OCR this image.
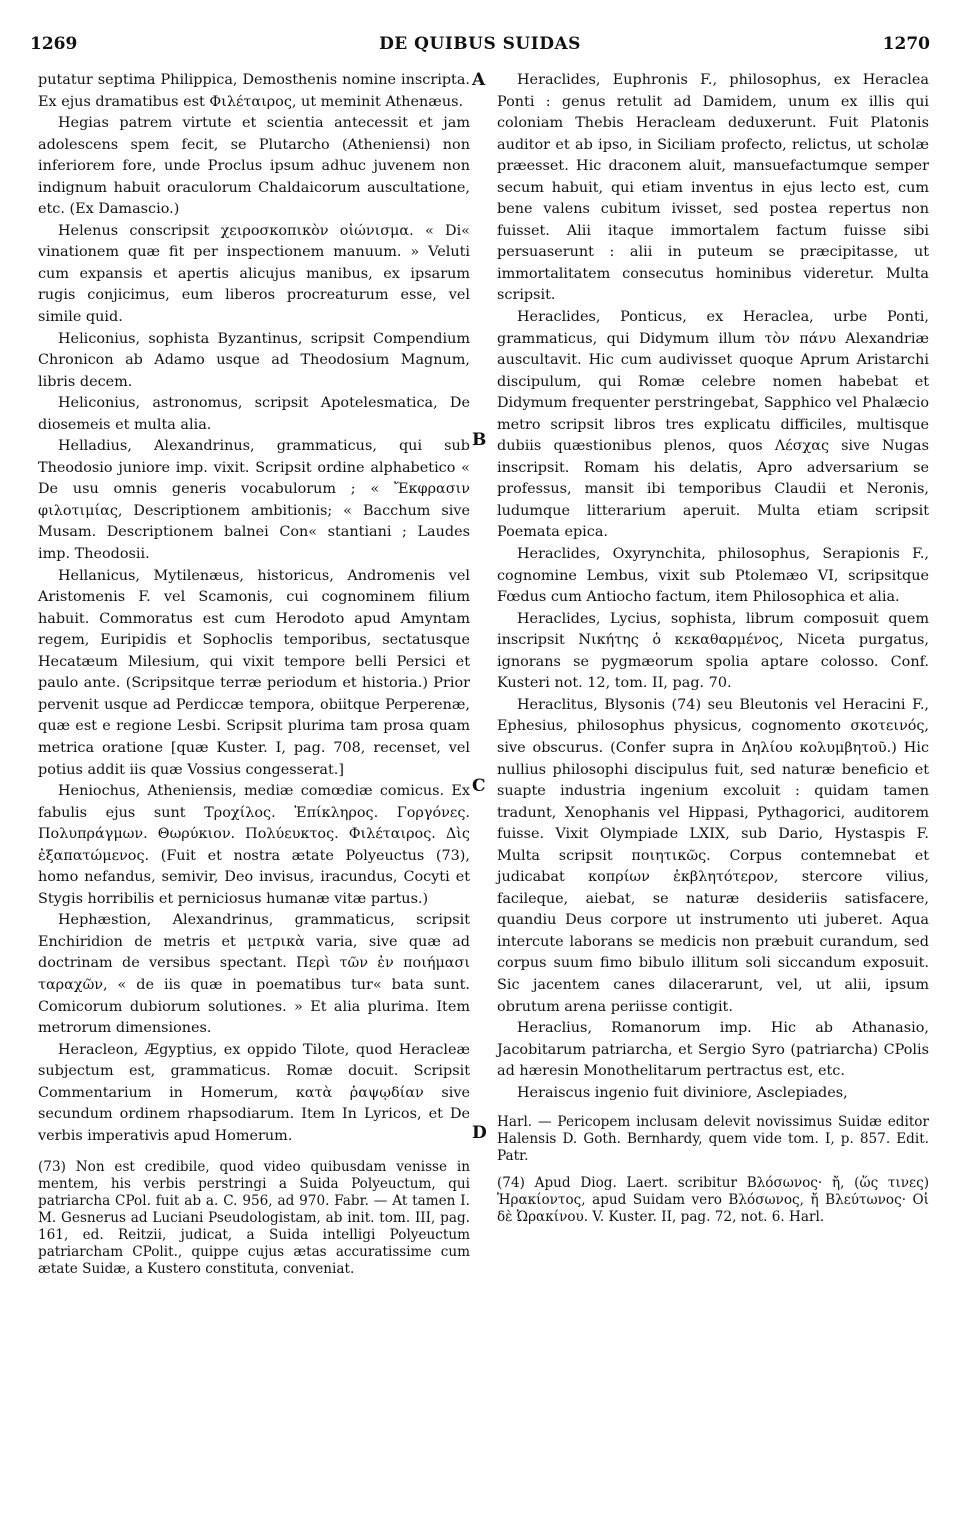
1269	DE QUIBUS SUIDAS	1270
A
B
C
D

putatur septima Philippica, Demosthenis nomine inscripta. Ex ejus dramatibus est Φιλέταιρος, ut meminit Athenæus.

Hegias patrem virtute et scientia antecessit et jam adolescens spem fecit, se Plutarcho (Atheniensi) non inferiorem fore, unde Proclus ipsum adhuc juvenem non indignum habuit oraculorum Chaldaicorum auscultatione, etc. (Ex Damascio.)

Helenus conscripsit χειροσκοπικὸν οἰώνισμα. « Di« vinationem quæ fit per inspectionem manuum. » Veluti cum expansis et apertis alicujus manibus, ex ipsarum rugis conjicimus, eum liberos procreaturum esse, vel simile quid.

Heliconius, sophista Byzantinus, scripsit Compendium Chronicon ab Adamo usque ad Theodosium Magnum, libris decem.

Heliconius, astronomus, scripsit Apotelesmatica, De diosemeis et multa alia.

Helladius, Alexandrinus, grammaticus, qui sub Theodosio juniore imp. vixit. Scripsit ordine alphabetico « De usu omnis generis vocabulorum ; « Ἔκφρασιν φιλοτιμίας, Descriptionem ambitionis; « Bacchum sive Musam. Descriptionem balnei Con« stantiani ; Laudes imp. Theodosii.

Hellanicus, Mytilenæus, historicus, Andromenis vel Aristomenis F. vel Scamonis, cui cognominem filium habuit. Commoratus est cum Herodoto apud Amyntam regem, Euripidis et Sophoclis temporibus, sectatusque Hecatæum Milesium, qui vixit tempore belli Persici et paulo ante. (Scripsitque terræ periodum et historia.) Prior pervenit usque ad Perdiccæ tempora, obiitque Perperenæ, quæ est e regione Lesbi. Scripsit plurima tam prosa quam metrica oratione [quæ Kuster. I, pag. 708, recenset, vel potius addit iis quæ Vossius congesserat.]

Heniochus, Atheniensis, mediæ comœdiæ comicus. Ex fabulis ejus sunt Τροχίλος. Ἐπίκληρος. Γοργόνες. Πολυπράγμων. Θωρύκιον. Πολύευκτος. Φιλέταιρος. Δὶς ἐξαπατώμενος. (Fuit et nostra ætate Polyeuctus (73), homo nefandus, semivir, Deo invisus, iracundus, Cocyti et Stygis horribilis et perniciosus humanæ vitæ partus.)

Hephæstion, Alexandrinus, grammaticus, scripsit Enchiridion de metris et μετρικὰ varia, sive quæ ad doctrinam de versibus spectant. Περὶ τῶν ἐν ποιήμασι ταραχῶν, « de iis quæ in poematibus tur« bata sunt. Comicorum dubiorum solutiones. » Et alia plurima. Item metrorum dimensiones.

Heracleon, Ægyptius, ex oppido Tilote, quod Heracleæ subjectum est, grammaticus. Romæ docuit. Scripsit Commentarium in Homerum, κατὰ ῥαψῳδίαν sive secundum ordinem rhapsodiarum. Item In Lyricos, et De verbis imperativis apud Homerum.

(73) Non est credibile, quod video quibusdam venisse in mentem, his verbis perstringi a Suida Polyeuctum, qui patriarcha CPol. fuit ab a. C. 956, ad 970. Fabr. — At tamen I. M. Gesnerus ad Luciani Pseudologistam, ab init. tom. III, pag. 161, ed. Reitzii, judicat, a Suida intelligi Polyeuctum patriarcham CPolit., quippe cujus ætas accuratissime cum ætate Suidæ, a Kustero constituta, conveniat.

Heraclides, Euphronis F., philosophus, ex Heraclea Ponti : genus retulit ad Damidem, unum ex illis qui coloniam Thebis Heracleam deduxerunt. Fuit Platonis auditor et ab ipso, in Siciliam profecto, relictus, ut scholæ præesset. Hic draconem aluit, mansuefactumque semper secum habuit, qui etiam inventus in ejus lecto est, cum bene valens cubitum ivisset, sed postea repertus non fuisset. Alii itaque immortalem factum fuisse sibi persuaserunt : alii in puteum se præcipitasse, ut immortalitatem consecutus hominibus videretur. Multa scripsit.

Heraclides, Ponticus, ex Heraclea, urbe Ponti, grammaticus, qui Didymum illum τὸν πάνυ Alexandriæ auscultavit. Hic cum audivisset quoque Aprum Aristarchi discipulum, qui Romæ celebre nomen habebat et Didymum frequenter perstringebat, Sapphico vel Phalæcio metro scripsit libros tres explicatu difficiles, multisque dubiis quæstionibus plenos, quos Λέσχας sive Nugas inscripsit. Romam his delatis, Apro adversarium se professus, mansit ibi temporibus Claudii et Neronis, ludumque litterarium aperuit. Multa etiam scripsit Poemata epica.

Heraclides, Oxyrynchita, philosophus, Serapionis F., cognomine Lembus, vixit sub Ptolemæo VI, scripsitque Fœdus cum Antiocho factum, item Philosophica et alia.

Heraclides, Lycius, sophista, librum composuit quem inscripsit Νικήτης ὁ κεκαθαρμένος, Niceta purgatus, ignorans se pygmæorum spolia aptare colosso. Conf. Kusteri not. 12, tom. II, pag. 70.

Heraclitus, Blysonis (74) seu Bleutonis vel Heracini F., Ephesius, philosophus physicus, cognomento σκοτεινός, sive obscurus. (Confer supra in Δηλίου κολυμβητοῦ.) Hic nullius philosophi discipulus fuit, sed naturæ beneficio et suapte industria ingenium excoluit : quidam tamen tradunt, Xenophanis vel Hippasi, Pythagorici, auditorem fuisse. Vixit Olympiade LXIX, sub Dario, Hystaspis F. Multa scripsit ποιητικῶς. Corpus contemnebat et judicabat κοπρίων ἐκβλητότερον, stercore vilius, facileque, aiebat, se naturæ desideriis satisfacere, quandiu Deus corpore ut instrumento uti juberet. Aqua intercute laborans se medicis non præbuit curandum, sed corpus suum fimo bibulo illitum soli siccandum exposuit. Sic jacentem canes dilacerarunt, vel, ut alii, ipsum obrutum arena periisse contigit.

Heraclius, Romanorum imp. Hic ab Athanasio, Jacobitarum patriarcha, et Sergio Syro (patriarcha) CPolis ad hæresin Monothelitarum pertractus est, etc.

Heraiscus ingenio fuit diviniore, Asclepiades,

Harl. — Pericopem inclusam delevit novissimus Suidæ editor Halensis D. Goth. Bernhardy, quem vide tom. I, p. 857. Edit. Patr.
(74) Apud Diog. Laert. scribitur Βλόσωνος· ἤ, (ὥς τινες) Ἡρακίοντος, apud Suidam vero Βλόσωνος, ἤ Βλεύτωνος· Οἱ δὲ Ὠρακίνου. V. Kuster. II, pag. 72, not. 6. Harl.
